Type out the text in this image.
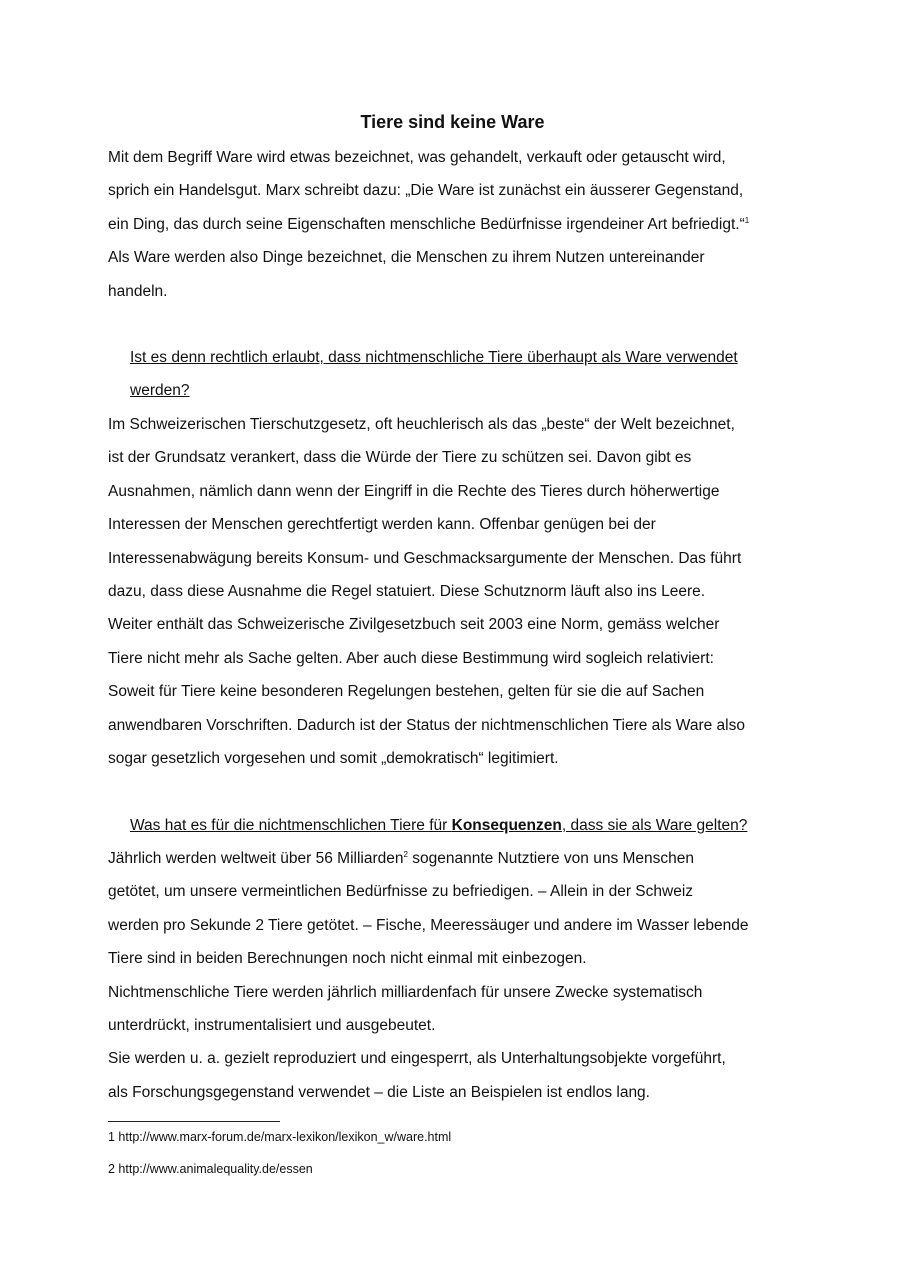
Tiere sind keine Ware
Mit dem Begriff Ware wird etwas bezeichnet, was gehandelt, verkauft oder getauscht wird,
sprich ein Handelsgut. Marx schreibt dazu: „Die Ware ist zunächst ein äusserer Gegenstand,
ein Ding, das durch seine Eigenschaften menschliche Bedürfnisse irgendeiner Art befriedigt.“$^1$
Als Ware werden also Dinge bezeichnet, die Menschen zu ihrem Nutzen untereinander
handeln.
Ist es denn rechtlich erlaubt, dass nichtmenschliche Tiere überhaupt als Ware verwendet
werden?
Im Schweizerischen Tierschutzgesetz, oft heuchlerisch als das „beste“ der Welt bezeichnet,
ist der Grundsatz verankert, dass die Würde der Tiere zu schützen sei. Davon gibt es
Ausnahmen, nämlich dann wenn der Eingriff in die Rechte des Tieres durch höherwertige
Interessen der Menschen gerechtfertigt werden kann. Offenbar genügen bei der
Interessenabwägung bereits Konsum- und Geschmacksargumente der Menschen. Das führt
dazu, dass diese Ausnahme die Regel statuiert. Diese Schutznorm läuft also ins Leere.
Weiter enthält das Schweizerische Zivilgesetzbuch seit 2003 eine Norm, gemäss welcher
Tiere nicht mehr als Sache gelten. Aber auch diese Bestimmung wird sogleich relativiert:
Soweit für Tiere keine besonderen Regelungen bestehen, gelten für sie die auf Sachen
anwendbaren Vorschriften. Dadurch ist der Status der nichtmenschlichen Tiere als Ware also
sogar gesetzlich vorgesehen und somit „demokratisch“ legitimiert.
Was hat es für die nichtmenschlichen Tiere für Konsequenzen, dass sie als Ware gelten?
Jährlich werden weltweit über 56 Milliarden$^2$ sogenannte Nutztiere von uns Menschen
getötet, um unsere vermeintlichen Bedürfnisse zu befriedigen. – Allein in der Schweiz
werden pro Sekunde 2 Tiere getötet. – Fische, Meeressäuger und andere im Wasser lebende
Tiere sind in beiden Berechnungen noch nicht einmal mit einbezogen.
Nichtmenschliche Tiere werden jährlich milliardenfach für unsere Zwecke systematisch
unterdrückt, instrumentalisiert und ausgebeutet.
Sie werden u. a. gezielt reproduziert und eingesperrt, als Unterhaltungsobjekte vorgeführt,
als Forschungsgegenstand verwendet – die Liste an Beispielen ist endlos lang.
1 http://www.marx-forum.de/marx-lexikon/lexikon_w/ware.html
2 http://www.animalequality.de/essen
